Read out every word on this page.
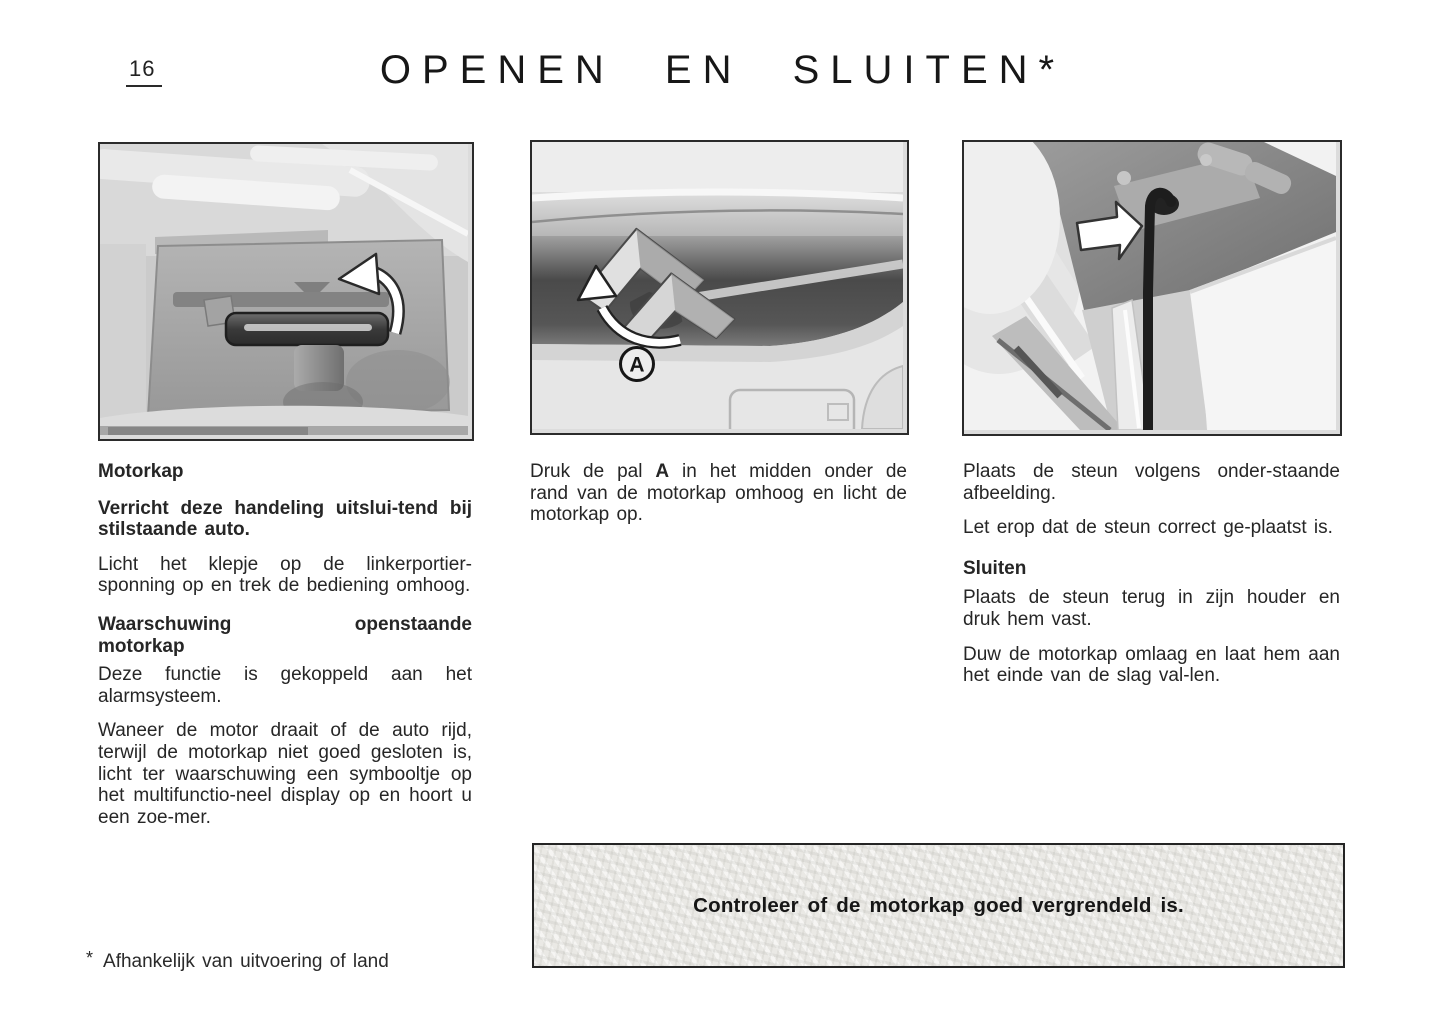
16	OPENEN EN SLUITEN*
A
Motorkap

Verricht deze handeling uitslui-tend bij stilstaande auto.

Licht het klepje op de linkerportier-sponning op en trek de bediening omhoog.

Waarschuwing	openstaande
motorkap

Deze functie is gekoppeld aan het alarmsysteem.

Waneer de motor draait of de auto rijd, terwijl de motorkap niet goed gesloten is, licht ter waarschuwing een symbooltje op het multifunctio-neel display op en hoort u een zoe-mer.

Druk de pal A in het midden onder de rand van de motorkap omhoog en licht de motorkap op.

Plaats de steun volgens onder-staande afbeelding.

Let erop dat de steun correct ge-plaatst is.

Sluiten

Plaats de steun terug in zijn houder en druk hem vast.

Duw de motorkap omlaag en laat hem aan het einde van de slag val-len.

Controleer of de motorkap goed vergrendeld is.
* Afhankelijk van uitvoering of land
